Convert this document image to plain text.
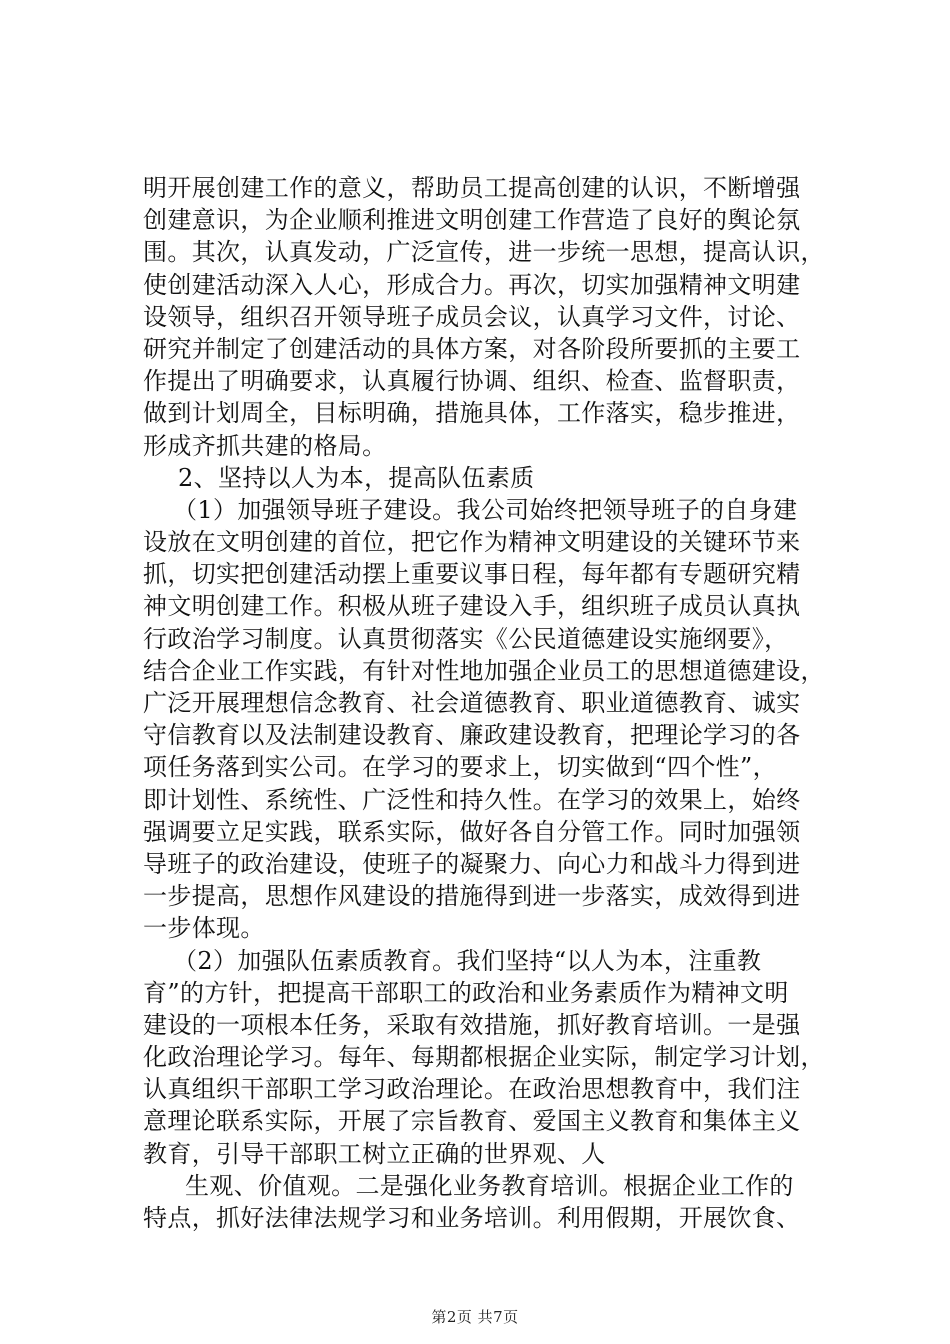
明开展创建工作的意义，帮助员工提高创建的认识，不断增强
创建意识，为企业顺利推进文明创建工作营造了良好的舆论氛
围。其次，认真发动，广泛宣传，进一步统一思想，提高认识，
使创建活动深入人心，形成合力。再次，切实加强精神文明建
设领导，组织召开领导班子成员会议，认真学习文件，讨论、
研究并制定了创建活动的具体方案，对各阶段所要抓的主要工
作提出了明确要求，认真履行协调、组织、检查、监督职责，
做到计划周全，目标明确，措施具体，工作落实，稳步推进，
形成齐抓共建的格局。
2、坚持以人为本，提高队伍素质
（1）加强领导班子建设。我公司始终把领导班子的自身建
设放在文明创建的首位，把它作为精神文明建设的关键环节来
抓，切实把创建活动摆上重要议事日程，每年都有专题研究精
神文明创建工作。积极从班子建设入手，组织班子成员认真执
行政治学习制度。认真贯彻落实《公民道德建设实施纲要》，
结合企业工作实践，有针对性地加强企业员工的思想道德建设，
广泛开展理想信念教育、社会道德教育、职业道德教育、诚实
守信教育以及法制建设教育、廉政建设教育，把理论学习的各
项任务落到实公司。在学习的要求上，切实做到“四个性”，
即计划性、系统性、广泛性和持久性。在学习的效果上，始终
强调要立足实践，联系实际，做好各自分管工作。同时加强领
导班子的政治建设，使班子的凝聚力、向心力和战斗力得到进
一步提高，思想作风建设的措施得到进一步落实，成效得到进
一步体现。
（2）加强队伍素质教育。我们坚持“以人为本，注重教
育”的方针，把提高干部职工的政治和业务素质作为精神文明
建设的一项根本任务，采取有效措施，抓好教育培训。一是强
化政治理论学习。每年、每期都根据企业实际，制定学习计划，
认真组织干部职工学习政治理论。在政治思想教育中，我们注
意理论联系实际，开展了宗旨教育、爱国主义教育和集体主义
教育，引导干部职工树立正确的世界观、人
生观、价值观。二是强化业务教育培训。根据企业工作的
特点，抓好法律法规学习和业务培训。利用假期，开展饮食、
第2页 共7页
